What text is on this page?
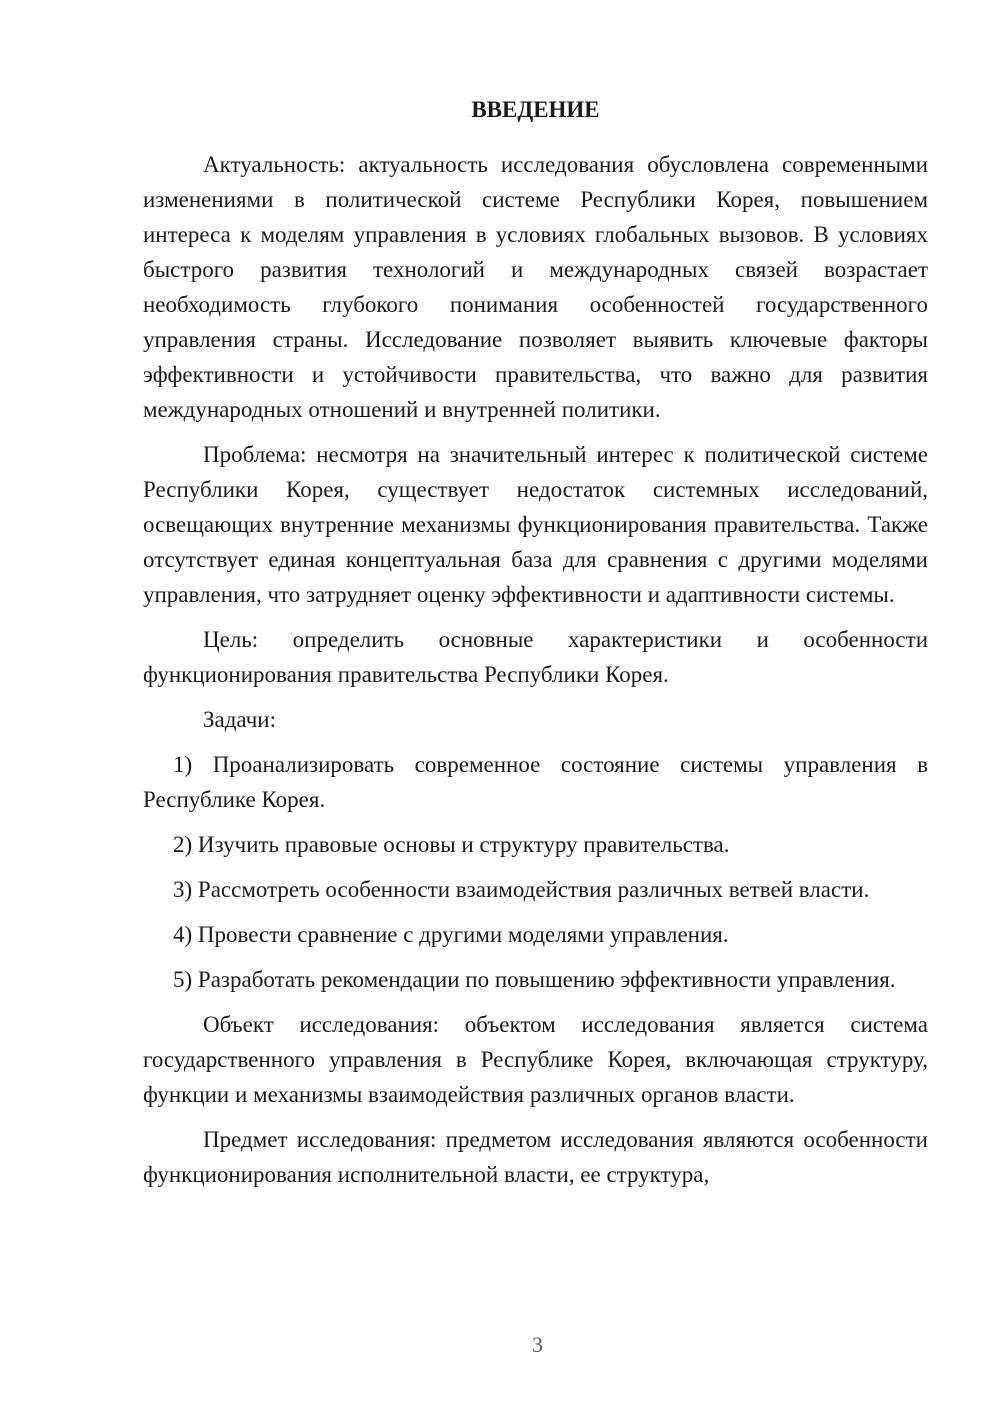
ВВЕДЕНИЕ

Актуальность: актуальность исследования обусловлена современными изменениями в политической системе Республики Корея, повышением интереса к моделям управления в условиях глобальных вызовов. В условиях быстрого развития технологий и международных связей возрастает необходимость глубокого понимания особенностей государственного управления страны. Исследование позволяет выявить ключевые факторы эффективности и устойчивости правительства, что важно для развития международных отношений и внутренней политики.

Проблема: несмотря на значительный интерес к политической системе Республики Корея, существует недостаток системных исследований, освещающих внутренние механизмы функционирования правительства. Также отсутствует единая концептуальная база для сравнения с другими моделями управления, что затрудняет оценку эффективности и адаптивности системы.

Цель: определить основные характеристики и особенности функционирования правительства Республики Корея.

Задачи:

1) Проанализировать современное состояние системы управления в Республике Корея.

2) Изучить правовые основы и структуру правительства.

3) Рассмотреть особенности взаимодействия различных ветвей власти.

4) Провести сравнение с другими моделями управления.

5) Разработать рекомендации по повышению эффективности управления.

Объект исследования: объектом исследования является система государственного управления в Республике Корея, включающая структуру, функции и механизмы взаимодействия различных органов власти.

Предмет исследования: предметом исследования являются особенности функционирования исполнительной власти, ее структура,

3
